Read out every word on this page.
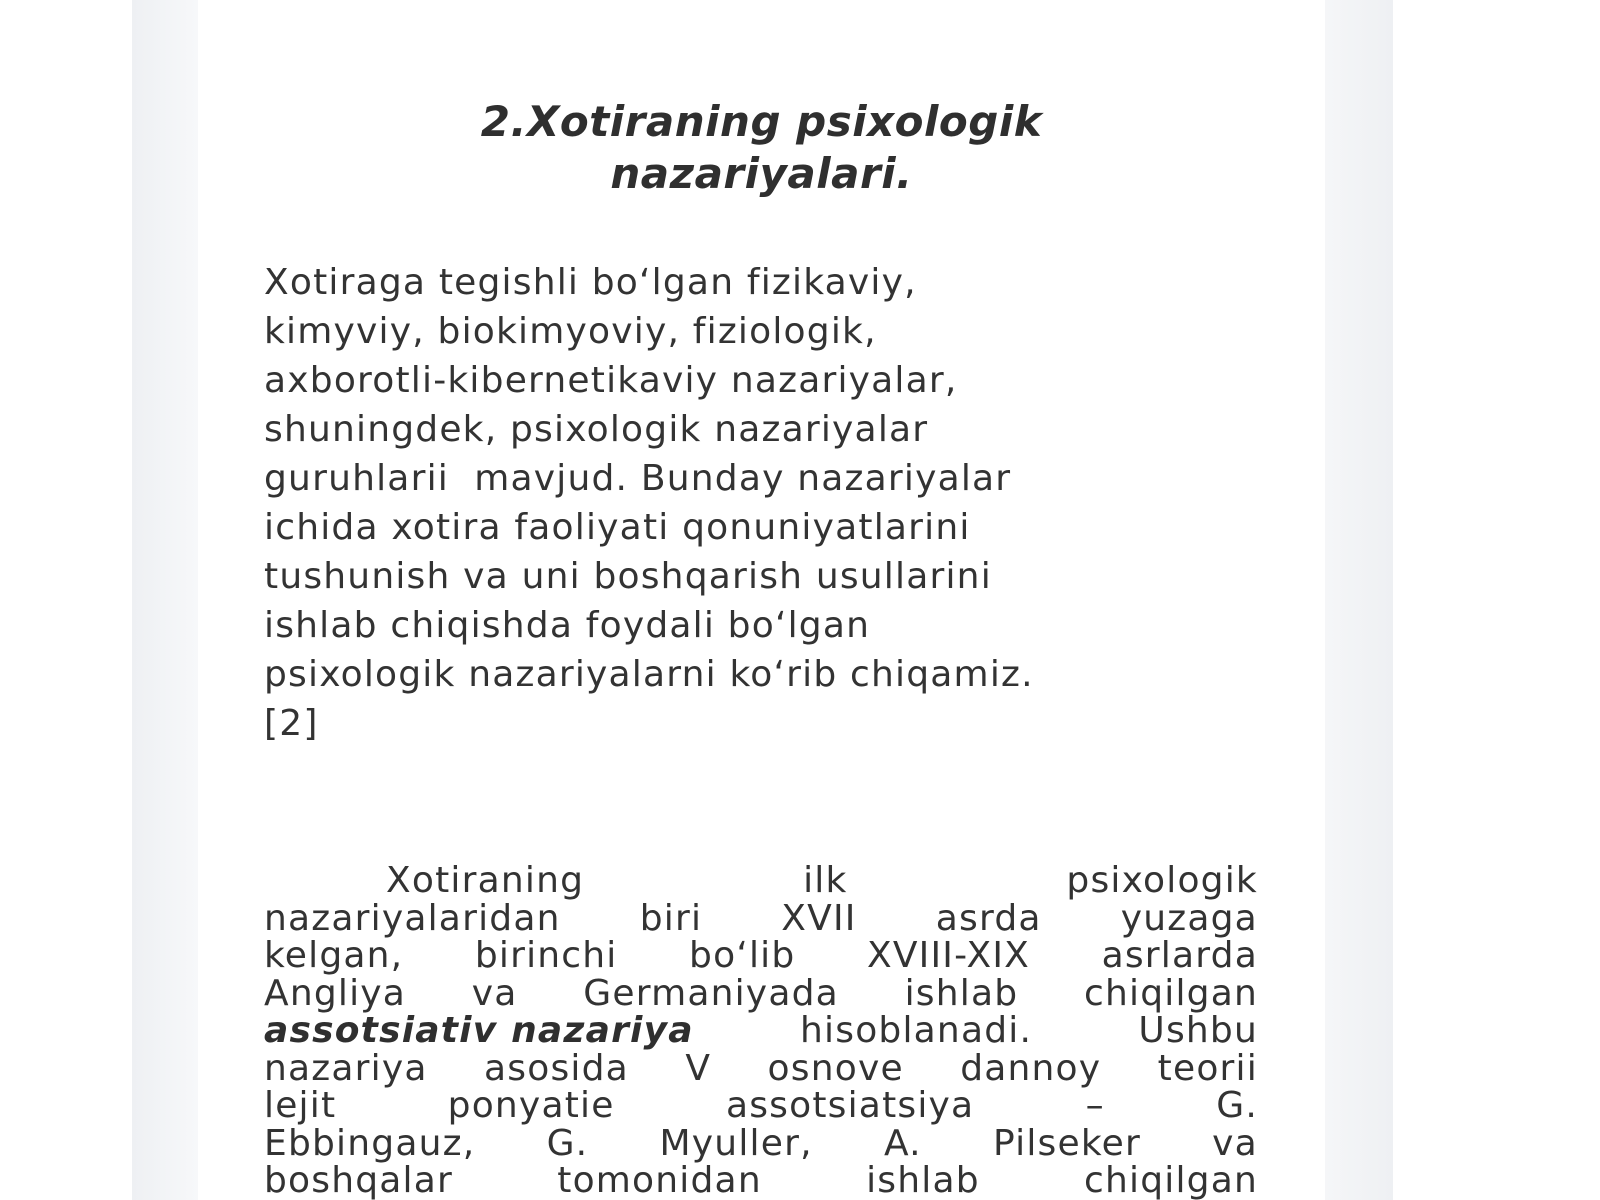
2.Xotiraning psixologik
nazariyalari.
Xotiraga tegishli bo‘lgan fizikaviy,
kimyviy, biokimyoviy, fiziologik,
axborotli-kibernetikaviy nazariyalar,
shuningdek, psixologik nazariyalar
guruhlarii  mavjud. Bunday nazariyalar
ichida xotira faoliyati qonuniyatlarini
tushunish va uni boshqarish usullarini
ishlab chiqishda foydali bo‘lgan
psixologik nazariyalarni ko‘rib chiqamiz.
[2]
Xotiraning	ilk	psixologik
nazariyalaridan biri XVII asrda yuzaga
kelgan, birinchi bo‘lib XVIII-XIX asrlarda
Angliya va Germaniyada ishlab chiqilgan
assotsiativ nazariya	hisoblanadi.	Ushbu
nazariya asosida V osnove dannoy teorii
lejit	ponyatie	assotsiatsiya	–	G.
Ebbingauz, G. Myuller, A. Pilseker va
boshqalar	tomonidan	ishlab	chiqilgan
